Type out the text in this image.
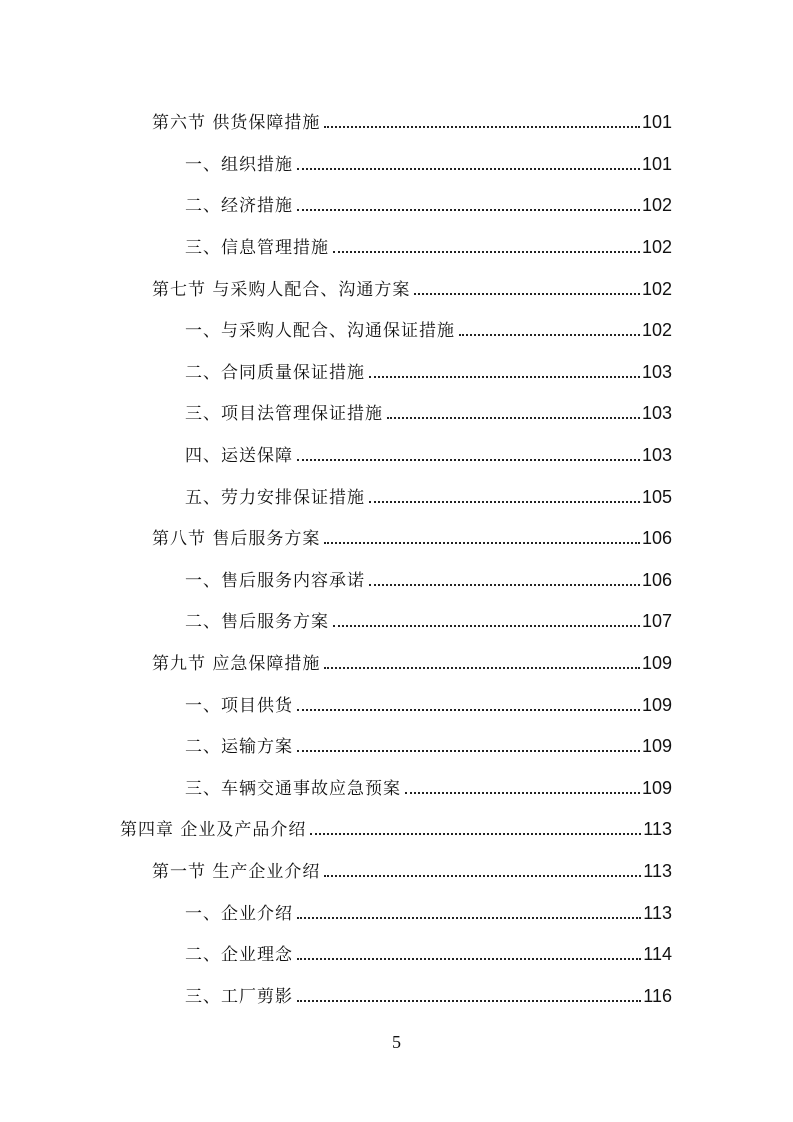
第六节 供货保障措施	101
一、 组织措施	101
二、 经济措施	102
三、 信息管理措施	102
第七节 与采购人配合、沟通方案	102
一、 与采购人配合、沟通保证措施	102
二、 合同质量保证措施	103
三、 项目法管理保证措施	103
四、 运送保障	103
五、 劳力安排保证措施	105
第八节 售后服务方案	106
一、 售后服务内容承诺	106
二、 售后服务方案	107
第九节 应急保障措施	109
一、 项目供货	109
二、 运输方案	109
三、 车辆交通事故应急预案	109
第四章 企业及产品介绍	113
第一节 生产企业介绍	113
一、 企业介绍	113
二、 企业理念	114
三、 工厂剪影	116
5
